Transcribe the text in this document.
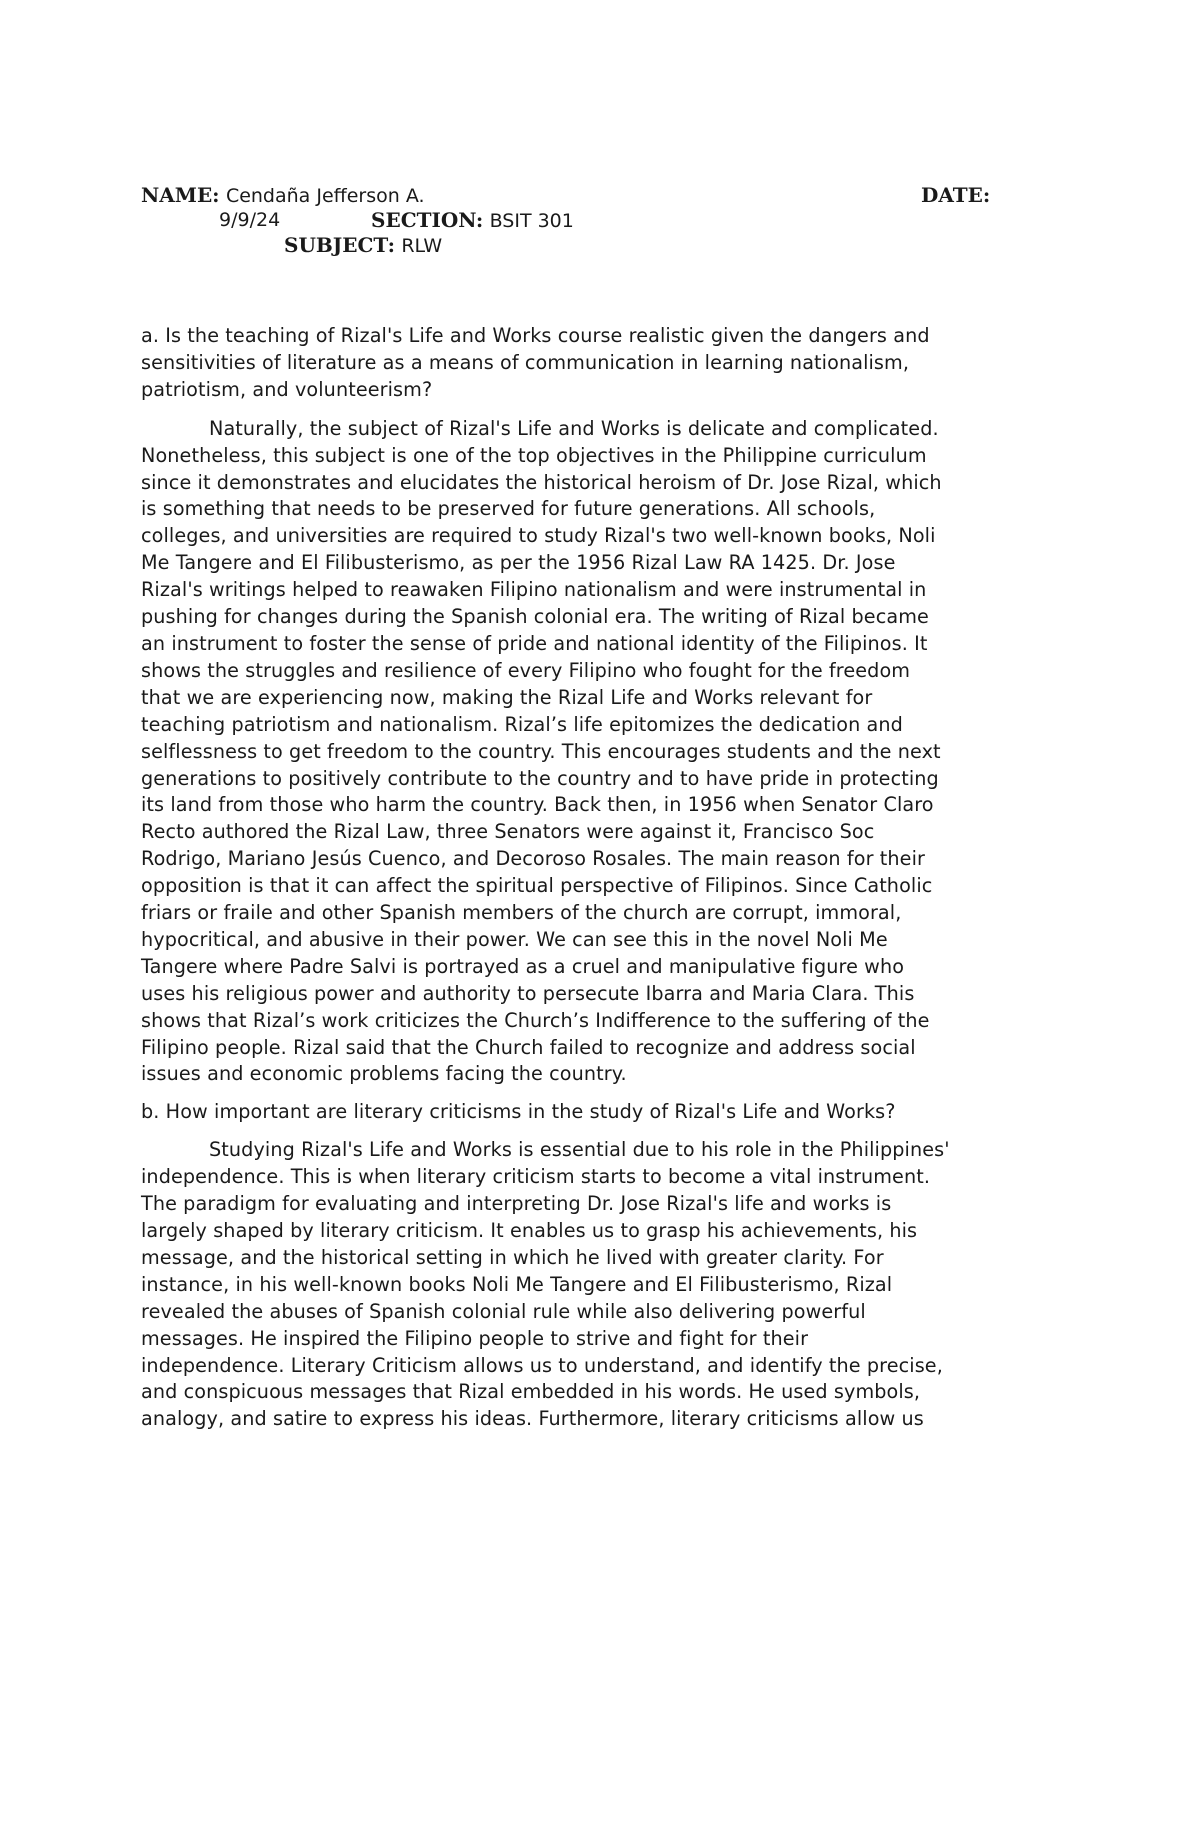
NAME: Cendaña Jefferson A.	DATE:
9/9/24	SECTION: BSIT 301
SUBJECT: RLW

a. Is the teaching of Rizal's Life and Works course realistic given the dangers and
sensitivities of literature as a means of communication in learning nationalism,
patriotism, and volunteerism?

Naturally, the subject of Rizal's Life and Works is delicate and complicated.
Nonetheless, this subject is one of the top objectives in the Philippine curriculum
since it demonstrates and elucidates the historical heroism of Dr. Jose Rizal, which
is something that needs to be preserved for future generations. All schools,
colleges, and universities are required to study Rizal's two well-known books, Noli
Me Tangere and El Filibusterismo, as per the 1956 Rizal Law RA 1425. Dr. Jose
Rizal's writings helped to reawaken Filipino nationalism and were instrumental in
pushing for changes during the Spanish colonial era. The writing of Rizal became
an instrument to foster the sense of pride and national identity of the Filipinos. It
shows the struggles and resilience of every Filipino who fought for the freedom
that we are experiencing now, making the Rizal Life and Works relevant for
teaching patriotism and nationalism. Rizal’s life epitomizes the dedication and
selflessness to get freedom to the country. This encourages students and the next
generations to positively contribute to the country and to have pride in protecting
its land from those who harm the country. Back then, in 1956 when Senator Claro
Recto authored the Rizal Law, three Senators were against it, Francisco Soc
Rodrigo, Mariano Jesús Cuenco, and Decoroso Rosales. The main reason for their
opposition is that it can affect the spiritual perspective of Filipinos. Since Catholic
friars or fraile and other Spanish members of the church are corrupt, immoral,
hypocritical, and abusive in their power. We can see this in the novel Noli Me
Tangere where Padre Salvi is portrayed as a cruel and manipulative figure who
uses his religious power and authority to persecute Ibarra and Maria Clara. This
shows that Rizal’s work criticizes the Church’s Indifference to the suffering of the
Filipino people. Rizal said that the Church failed to recognize and address social
issues and economic problems facing the country.

b. How important are literary criticisms in the study of Rizal's Life and Works?

Studying Rizal's Life and Works is essential due to his role in the Philippines'
independence. This is when literary criticism starts to become a vital instrument.
The paradigm for evaluating and interpreting Dr. Jose Rizal's life and works is
largely shaped by literary criticism. It enables us to grasp his achievements, his
message, and the historical setting in which he lived with greater clarity. For
instance, in his well-known books Noli Me Tangere and El Filibusterismo, Rizal
revealed the abuses of Spanish colonial rule while also delivering powerful
messages. He inspired the Filipino people to strive and fight for their
independence. Literary Criticism allows us to understand, and identify the precise,
and conspicuous messages that Rizal embedded in his words. He used symbols,
analogy, and satire to express his ideas. Furthermore, literary criticisms allow us
